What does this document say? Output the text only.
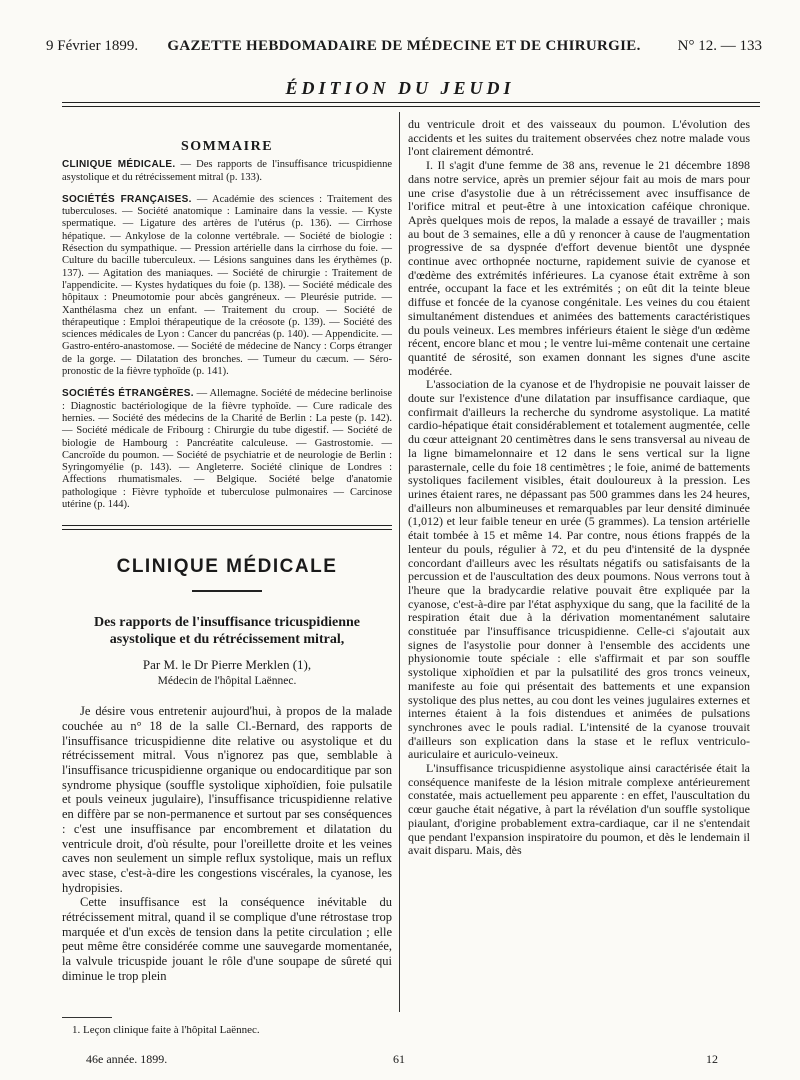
9 Février 1899.	GAZETTE HEBDOMADAIRE DE MÉDECINE ET DE CHIRURGIE.	N° 12. — 133
ÉDITION DU JEUDI
SOMMAIRE

CLINIQUE MÉDICALE. — Des rapports de l'insuffisance tricuspidienne asystolique et du rétrécissement mitral (p. 133).

SOCIÉTÉS FRANÇAISES. — Académie des sciences : Traitement des tuberculoses. — Société anatomique : Laminaire dans la vessie. — Kyste spermatique. — Ligature des artères de l'utérus (p. 136). — Cirrhose hépatique. — Ankylose de la colonne vertébrale. — Société de biologie : Résection du sympathique. — Pression artérielle dans la cirrhose du foie. — Culture du bacille tuberculeux. — Lésions sanguines dans les érythèmes (p. 137). — Agitation des maniaques. — Société de chirurgie : Traitement de l'appendicite. — Kystes hydatiques du foie (p. 138). — Société médicale des hôpitaux : Pneumotomie pour abcès gangréneux. — Pleurésie putride. — Xanthélasma chez un enfant. — Traitement du croup. — Société de thérapeutique : Emploi thérapeutique de la créosote (p. 139). — Société des sciences médicales de Lyon : Cancer du pancréas (p. 140). — Appendicite. — Gastro-entéro-anastomose. — Société de médecine de Nancy : Corps étranger de la gorge. — Dilatation des bronches. — Tumeur du cæcum. — Séro-pronostic de la fièvre typhoïde (p. 141).

SOCIÉTÉS ÉTRANGÈRES. — Allemagne. Société de médecine berlinoise : Diagnostic bactériologique de la fièvre typhoïde. — Cure radicale des hernies. — Société des médecins de la Charité de Berlin : La peste (p. 142). — Société médicale de Fribourg : Chirurgie du tube digestif. — Société de biologie de Hambourg : Pancréatite calculeuse. — Gastrostomie. — Cancroïde du poumon. — Société de psychiatrie et de neurologie de Berlin : Syringomyélie (p. 143). — Angleterre. Société clinique de Londres : Affections rhumatismales. — Belgique. Société belge d'anatomie pathologique : Fièvre typhoïde et tuberculose pulmonaires — Carcinose utérine (p. 144).

CLINIQUE MÉDICALE
Des rapports de l'insuffisance tricuspidienne asystolique et du rétrécissement mitral,
Par M. le Dr Pierre Merklen (1),
Médecin de l'hôpital Laënnec.

Je désire vous entretenir aujourd'hui, à propos de la malade couchée au n° 18 de la salle Cl.-Bernard, des rapports de l'insuffisance tricuspidienne dite relative ou asystolique et du rétrécissement mitral. Vous n'ignorez pas que, semblable à l'insuffisance tricuspidienne organique ou endocarditique par son syndrome physique (souffle systolique xiphoïdien, foie pulsatile et pouls veineux jugulaire), l'insuffisance tricuspidienne relative en diffère par se non-permanence et surtout par ses conséquences : c'est une insuffisance par encombrement et dilatation du ventricule droit, d'où résulte, pour l'oreillette droite et les veines caves non seulement un simple reflux systolique, mais un reflux avec stase, c'est-à-dire les congestions viscérales, la cyanose, les hydropisies.

Cette insuffisance est la conséquence inévitable du rétrécissement mitral, quand il se complique d'une rétrostase trop marquée et d'un excès de tension dans la petite circulation ; elle peut même être considérée comme une sauvegarde momentanée, la valvule tricuspide jouant le rôle d'une soupape de sûreté qui diminue le trop plein

du ventricule droit et des vaisseaux du poumon. L'évolution des accidents et les suites du traitement observées chez notre malade vous l'ont clairement démontré.

I. Il s'agit d'une femme de 38 ans, revenue le 21 décembre 1898 dans notre service, après un premier séjour fait au mois de mars pour une crise d'asystolie due à un rétrécissement avec insuffisance de l'orifice mitral et peut-être à une intoxication caféique chronique. Après quelques mois de repos, la malade a essayé de travailler ; mais au bout de 3 semaines, elle a dû y renoncer à cause de l'augmentation progressive de sa dyspnée d'effort devenue bientôt une dyspnée continue avec orthopnée nocturne, rapidement suivie de cyanose et d'œdème des extrémités inférieures. La cyanose était extrême à son entrée, occupant la face et les extrémités ; on eût dit la teinte bleue diffuse et foncée de la cyanose congénitale. Les veines du cou étaient simultanément distendues et animées des battements caractéristiques du pouls veineux. Les membres inférieurs étaient le siège d'un œdème récent, encore blanc et mou ; le ventre lui-même contenait une certaine quantité de sérosité, son examen donnant les signes d'une ascite modérée.

L'association de la cyanose et de l'hydropisie ne pouvait laisser de doute sur l'existence d'une dilatation par insuffisance cardiaque, que confirmait d'ailleurs la recherche du syndrome asystolique. La matité cardio-hépatique était considérablement et totalement augmentée, celle du cœur atteignant 20 centimètres dans le sens transversal au niveau de la ligne bimamelonnaire et 12 dans le sens vertical sur la ligne parasternale, celle du foie 18 centimètres ; le foie, animé de battements systoliques facilement visibles, était douloureux à la pression. Les urines étaient rares, ne dépassant pas 500 grammes dans les 24 heures, d'ailleurs non albumineuses et remarquables par leur densité diminuée (1,012) et leur faible teneur en urée (5 grammes). La tension artérielle était tombée à 15 et même 14. Par contre, nous étions frappés de la lenteur du pouls, régulier à 72, et du peu d'intensité de la dyspnée concordant d'ailleurs avec les résultats négatifs ou satisfaisants de la percussion et de l'auscultation des deux poumons. Nous verrons tout à l'heure que la bradycardie relative pouvait être expliquée par la cyanose, c'est-à-dire par l'état asphyxique du sang, que la facilité de la respiration était due à la dérivation momentanément salutaire constituée par l'insuffisance tricuspidienne. Celle-ci s'ajoutait aux signes de l'asystolie pour donner à l'ensemble des accidents une physionomie toute spéciale : elle s'affirmait et par son souffle systolique xiphoïdien et par la pulsatilité des gros troncs veineux, manifeste au foie qui présentait des battements et une expansion systolique des plus nettes, au cou dont les veines jugulaires externes et internes étaient à la fois distendues et animées de pulsations synchrones avec le pouls radial. L'intensité de la cyanose trouvait d'ailleurs son explication dans la stase et le reflux ventriculo-auriculaire et auriculo-veineux.

L'insuffisance tricuspidienne asystolique ainsi caractérisée était la conséquence manifeste de la lésion mitrale complexe antérieurement constatée, mais actuellement peu apparente : en effet, l'auscultation du cœur gauche était négative, à part la révélation d'un souffle systolique piaulant, d'origine probablement extra-cardiaque, car il ne s'entendait que pendant l'expansion inspiratoire du poumon, et dès le lendemain il avait disparu. Mais, dès

1. Leçon clinique faite à l'hôpital Laënnec.
46e année. 1899.	61	12
